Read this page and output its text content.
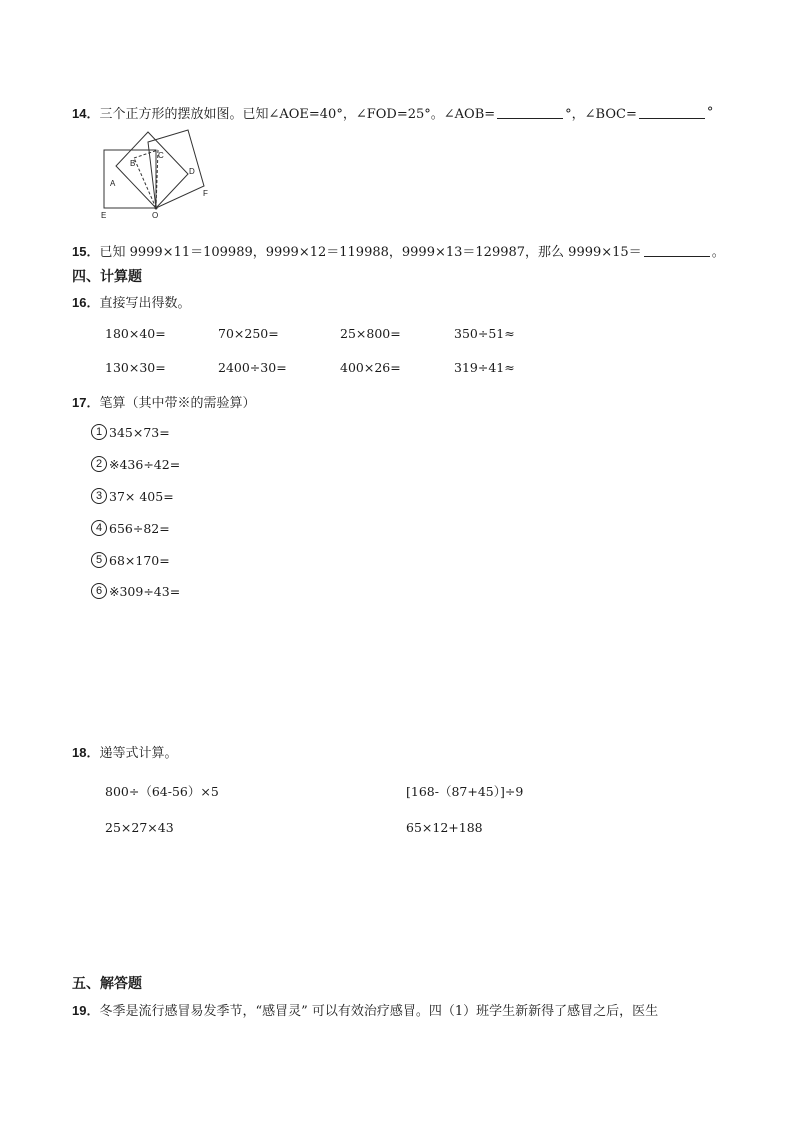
14． 三个正方形的摆放如图。已知∠AOE=40°，∠FOD=25°。∠AOB=	°，∠BOC=	°
A
B
C
D
E
F
O
15． 已知 9999×11＝109989，9999×12＝119988，9999×13＝129987，那么 9999×15＝	。
四、计算题
16． 直接写出得数。
180×40=	70×250=	25×800=	350÷51≈
130×30=	2400÷30=	400×26=	319÷41≈
17． 笔算（其中带※的需验算）
1 345×73=
2 ※436÷42=
3 37× 405=
4 656÷82=
5 68×170=
6 ※309÷43=
18． 递等式计算。
800÷（64-56）×5	[168-（87+45）]÷9
25×27×43	65×12+188
五、解答题
19． 冬季是流行感冒易发季节，“感冒灵” 可以有效治疗感冒。四（1）班学生新新得了感冒之后，医生
